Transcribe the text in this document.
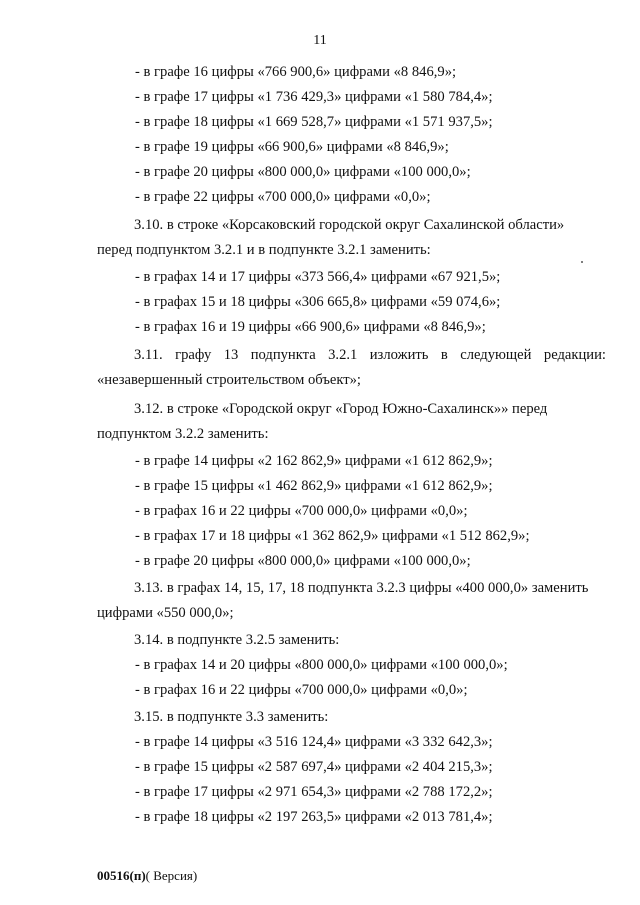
11
- в графе 16 цифры «766 900,6» цифрами «8 846,9»;
- в графе 17 цифры «1 736 429,3» цифрами «1 580 784,4»;
- в графе 18 цифры «1 669 528,7» цифрами «1 571 937,5»;
- в графе 19 цифры «66 900,6» цифрами «8 846,9»;
- в графе 20 цифры «800 000,0» цифрами «100 000,0»;
- в графе 22 цифры «700 000,0» цифрами «0,0»;
3.10. в строке «Корсаковский городской округ Сахалинской области»
перед подпунктом 3.2.1 и в подпункте 3.2.1 заменить:
- в графах 14 и 17 цифры «373 566,4» цифрами «67 921,5»;
- в графах 15 и 18 цифры «306 665,8» цифрами «59 074,6»;
- в графах 16 и 19 цифры «66 900,6» цифрами «8 846,9»;
3.11. графу 13 подпункта 3.2.1 изложить в следующей редакции:
«незавершенный строительством объект»;
3.12. в строке «Городской округ «Город Южно-Сахалинск»» перед
подпунктом 3.2.2 заменить:
- в графе 14 цифры «2 162 862,9» цифрами «1 612 862,9»;
- в графе 15 цифры «1 462 862,9» цифрами «1 612 862,9»;
- в графах 16 и 22 цифры «700 000,0» цифрами «0,0»;
- в графах 17 и 18 цифры «1 362 862,9» цифрами «1 512 862,9»;
- в графе 20 цифры «800 000,0» цифрами «100 000,0»;
3.13. в графах 14, 15, 17, 18 подпункта 3.2.3 цифры «400 000,0» заменить
цифрами «550 000,0»;
3.14. в подпункте 3.2.5 заменить:
- в графах 14 и 20 цифры «800 000,0» цифрами «100 000,0»;
- в графах 16 и 22 цифры «700 000,0» цифрами «0,0»;
3.15. в подпункте 3.3 заменить:
- в графе 14 цифры «3 516 124,4» цифрами «3 332 642,3»;
- в графе 15 цифры «2 587 697,4» цифрами «2 404 215,3»;
- в графе 17 цифры «2 971 654,3» цифрами «2 788 172,2»;
- в графе 18 цифры «2 197 263,5» цифрами «2 013 781,4»;
00516(п)( Версия)
